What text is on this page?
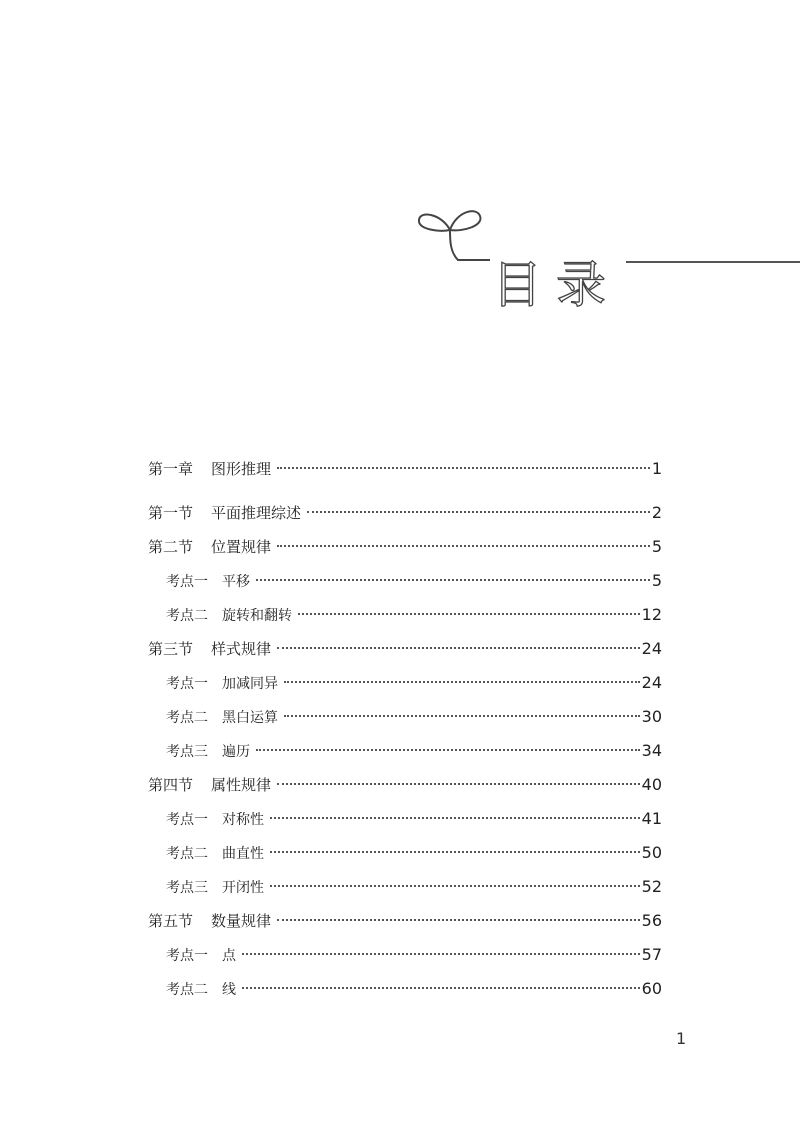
目录
第一章 图形推理	1
第一节 平面推理综述	2
第二节 位置规律	5
考点一 平移	5
考点二 旋转和翻转	12
第三节 样式规律	24
考点一 加减同异	24
考点二 黑白运算	30
考点三 遍历	34
第四节 属性规律	40
考点一 对称性	41
考点二 曲直性	50
考点三 开闭性	52
第五节 数量规律	56
考点一 点	57
考点二 线	60
1
